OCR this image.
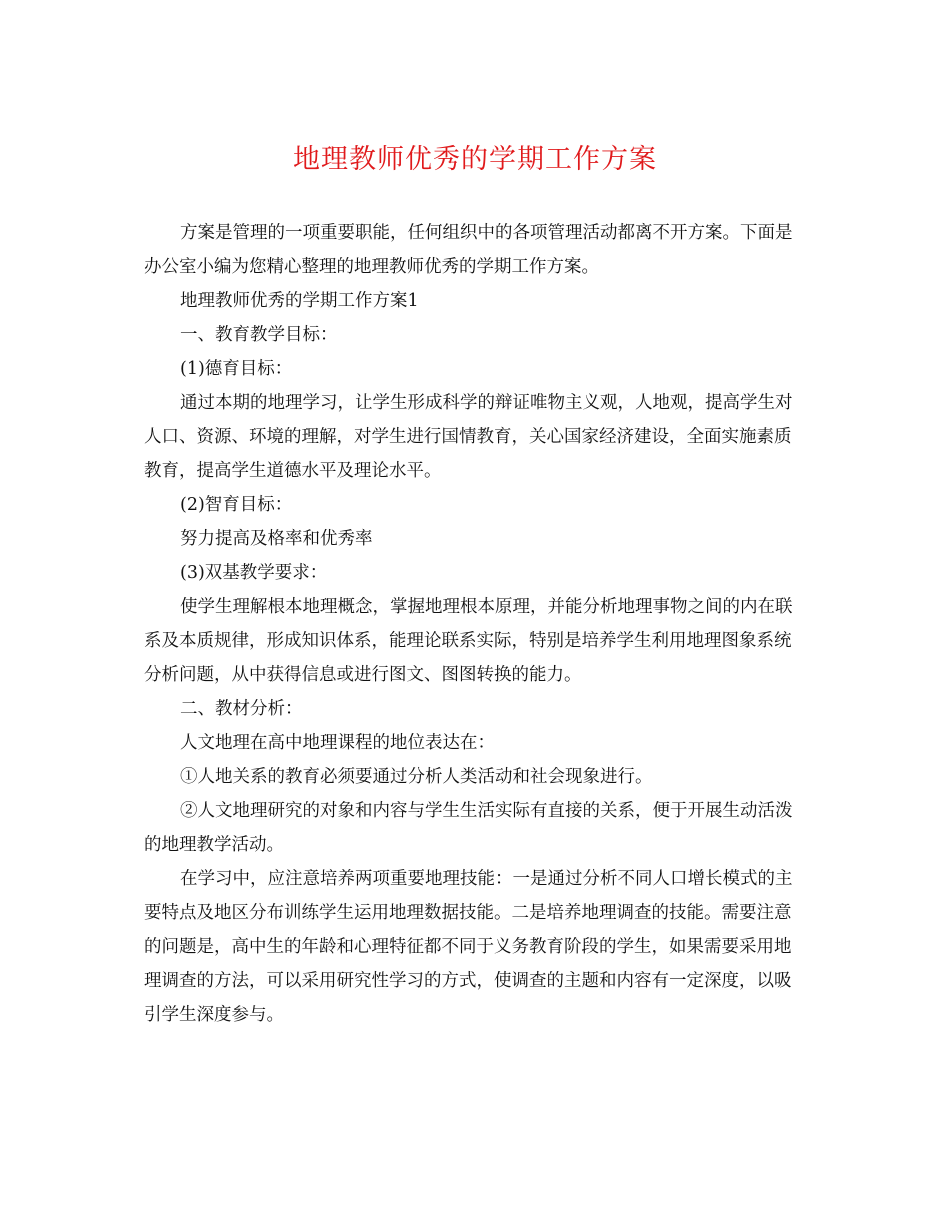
地理教师优秀的学期工作方案

方案是管理的一项重要职能，任何组织中的各项管理活动都离不开方案。下面是办公室小编为您精心整理的地理教师优秀的学期工作方案。

地理教师优秀的学期工作方案1

一、教育教学目标：

(1)德育目标：

通过本期的地理学习，让学生形成科学的辩证唯物主义观，人地观，提高学生对人口、资源、环境的理解，对学生进行国情教育，关心国家经济建设，全面实施素质教育，提高学生道德水平及理论水平。

(2)智育目标：

努力提高及格率和优秀率

(3)双基教学要求：

使学生理解根本地理概念，掌握地理根本原理，并能分析地理事物之间的内在联系及本质规律，形成知识体系，能理论联系实际，特别是培养学生利用地理图象系统分析问题，从中获得信息或进行图文、图图转换的能力。

二、教材分析：

人文地理在高中地理课程的地位表达在：

①人地关系的教育必须要通过分析人类活动和社会现象进行。

②人文地理研究的对象和内容与学生生活实际有直接的关系，便于开展生动活泼的地理教学活动。

在学习中，应注意培养两项重要地理技能：一是通过分析不同人口增长模式的主要特点及地区分布训练学生运用地理数据技能。二是培养地理调查的技能。需要注意的问题是，高中生的年龄和心理特征都不同于义务教育阶段的学生，如果需要采用地理调查的方法，可以采用研究性学习的方式，使调查的主题和内容有一定深度，以吸引学生深度参与。
